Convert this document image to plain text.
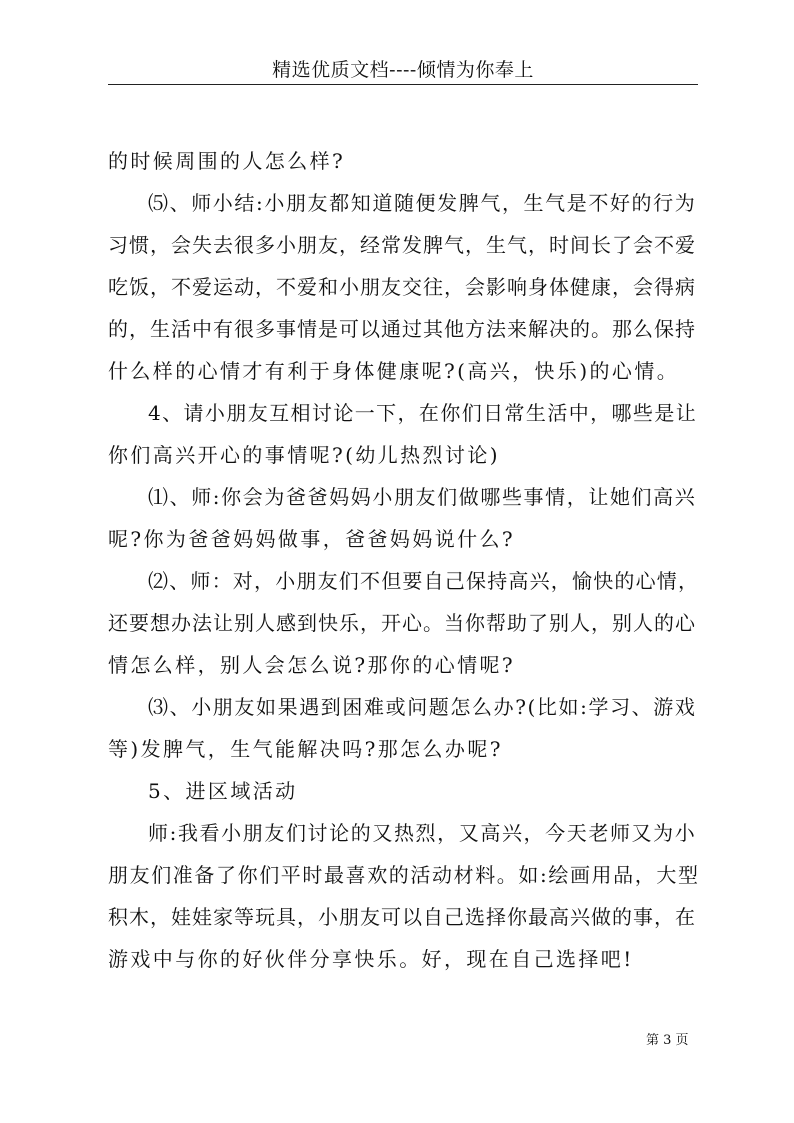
精选优质文档----倾情为你奉上
的时候周围的人怎么样?
⑸、师小结:小朋友都知道随便发脾气，生气是不好的行为
习惯，会失去很多小朋友，经常发脾气，生气，时间长了会不爱
吃饭，不爱运动，不爱和小朋友交往，会影响身体健康，会得病
的，生活中有很多事情是可以通过其他方法来解决的。那么保持
什么样的心情才有利于身体健康呢?(高兴，快乐)的心情。
4、请小朋友互相讨论一下，在你们日常生活中，哪些是让
你们高兴开心的事情呢?(幼儿热烈讨论)
⑴、师:你会为爸爸妈妈小朋友们做哪些事情，让她们高兴
呢?你为爸爸妈妈做事，爸爸妈妈说什么?
⑵、师：对，小朋友们不但要自己保持高兴，愉快的心情，
还要想办法让别人感到快乐，开心。当你帮助了别人，别人的心
情怎么样，别人会怎么说?那你的心情呢?
⑶、小朋友如果遇到困难或问题怎么办?(比如:学习、游戏
等)发脾气，生气能解决吗?那怎么办呢?
5、进区域活动
师:我看小朋友们讨论的又热烈，又高兴，今天老师又为小
朋友们准备了你们平时最喜欢的活动材料。如:绘画用品，大型
积木，娃娃家等玩具，小朋友可以自己选择你最高兴做的事，在
游戏中与你的好伙伴分享快乐。好，现在自己选择吧!
第 3 页
